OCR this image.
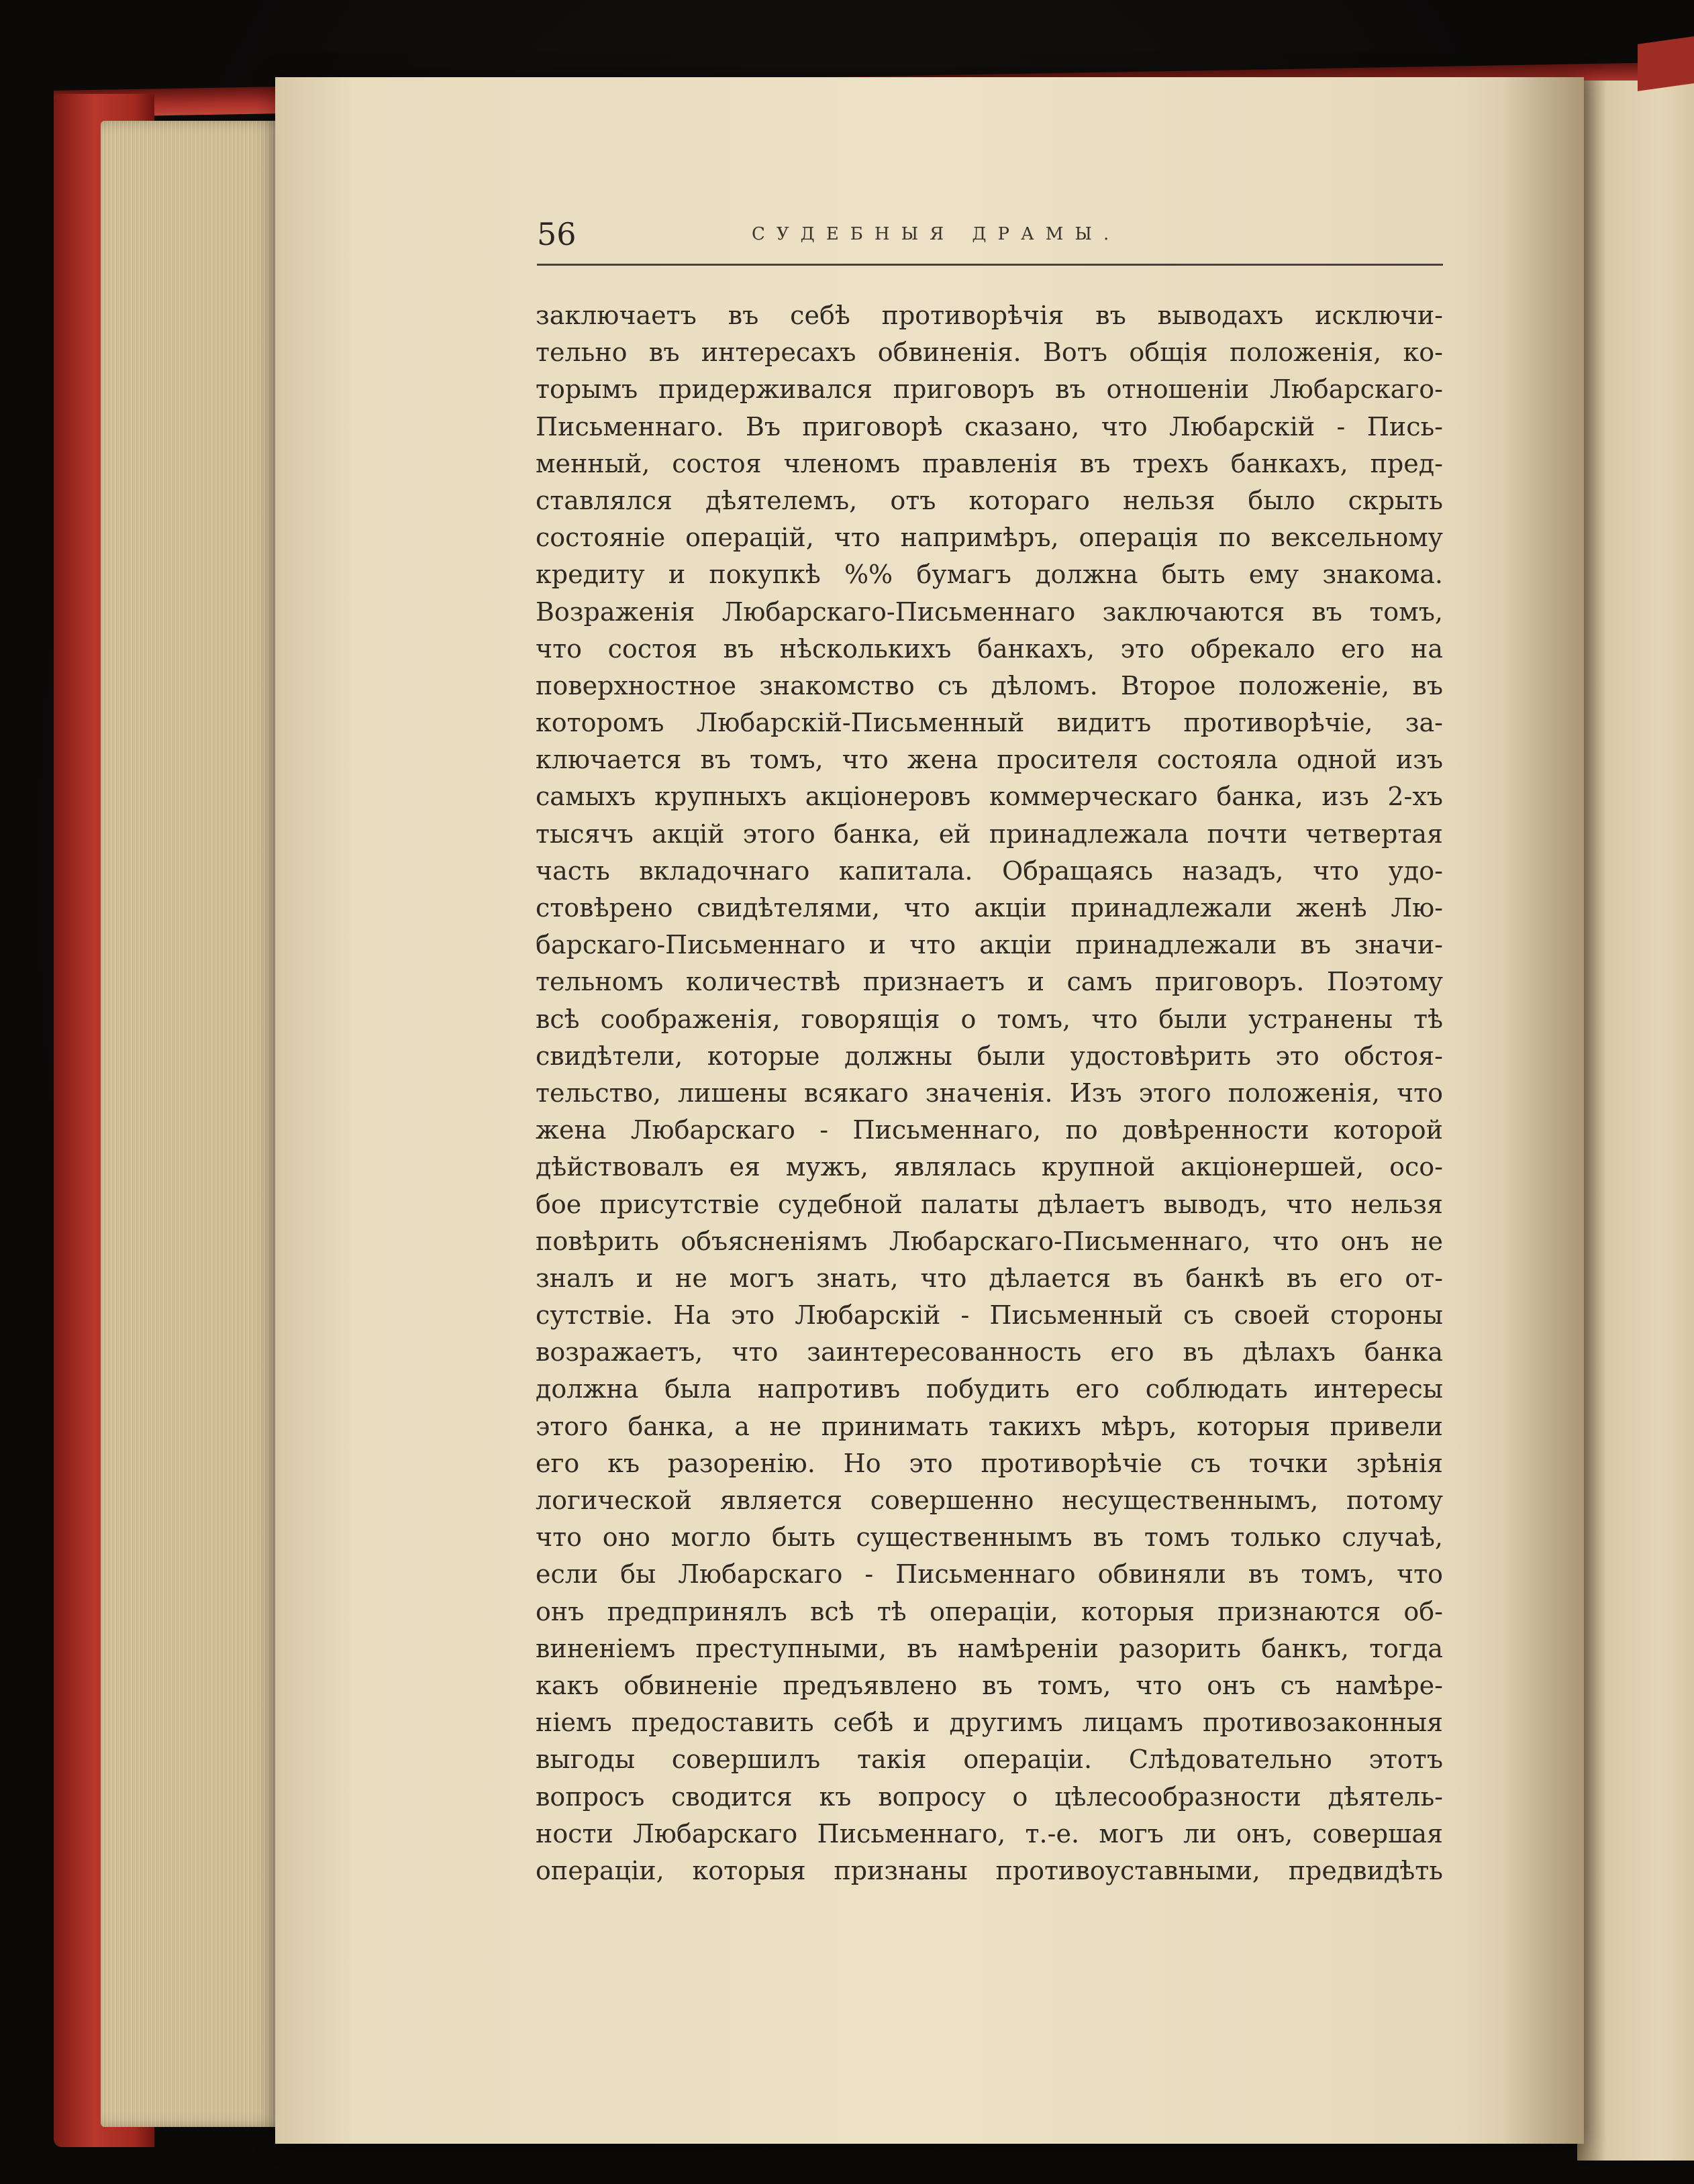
56	СУДЕБНЫЯ ДРАМЫ.
заключаетъ въ себѣ противорѣчія въ выводахъ исключи-
тельно въ интересахъ обвиненія. Вотъ общія положенія, ко-
торымъ придерживался приговоръ въ отношеніи Любарскаго-
Письменнаго. Въ приговорѣ сказано, что Любарскій - Пись-
менный, состоя членомъ правленія въ трехъ банкахъ, пред-
ставлялся дѣятелемъ, отъ котораго нельзя было скрыть
состояніе операцій, что напримѣръ, операція по вексельному
кредиту и покупкѣ %% бумагъ должна быть ему знакома.
Возраженія Любарскаго-Письменнаго заключаются въ томъ,
что состоя въ нѣсколькихъ банкахъ, это обрекало его на
поверхностное знакомство съ дѣломъ. Второе положеніе, въ
которомъ Любарскій-Письменный видитъ противорѣчіе, за-
ключается въ томъ, что жена просителя состояла одной изъ
самыхъ крупныхъ акціонеровъ коммерческаго банка, изъ 2-хъ
тысячъ акцій этого банка, ей принадлежала почти четвертая
часть вкладочнаго капитала. Обращаясь назадъ, что удо-
стовѣрено свидѣтелями, что акціи принадлежали женѣ Лю-
барскаго-Письменнаго и что акціи принадлежали въ значи-
тельномъ количествѣ признаетъ и самъ приговоръ. Поэтому
всѣ соображенія, говорящія о томъ, что были устранены тѣ
свидѣтели, которые должны были удостовѣрить это обстоя-
тельство, лишены всякаго значенія. Изъ этого положенія, что
жена Любарскаго - Письменнаго, по довѣренности которой
дѣйствовалъ ея мужъ, являлась крупной акціонершей, осо-
бое присутствіе судебной палаты дѣлаетъ выводъ, что нельзя
повѣрить объясненіямъ Любарскаго-Письменнаго, что онъ не
зналъ и не могъ знать, что дѣлается въ банкѣ въ его от-
сутствіе. На это Любарскій - Письменный съ своей стороны
возражаетъ, что заинтересованность его въ дѣлахъ банка
должна была напротивъ побудить его соблюдать интересы
этого банка, а не принимать такихъ мѣръ, которыя привели
его къ разоренію. Но это противорѣчіе съ точки зрѣнія
логической является совершенно несущественнымъ, потому
что оно могло быть существеннымъ въ томъ только случаѣ,
если бы Любарскаго - Письменнаго обвиняли въ томъ, что
онъ предпринялъ всѣ тѣ операціи, которыя признаются об-
виненіемъ преступными, въ намѣреніи разорить банкъ, тогда
какъ обвиненіе предъявлено въ томъ, что онъ съ намѣре-
ніемъ предоставить себѣ и другимъ лицамъ противозаконныя
выгоды совершилъ такія операціи. Слѣдовательно этотъ
вопросъ сводится къ вопросу о цѣлесообразности дѣятель-
ности Любарскаго Письменнаго, т.-е. могъ ли онъ, совершая
операціи, которыя признаны противоуставными, предвидѣть
